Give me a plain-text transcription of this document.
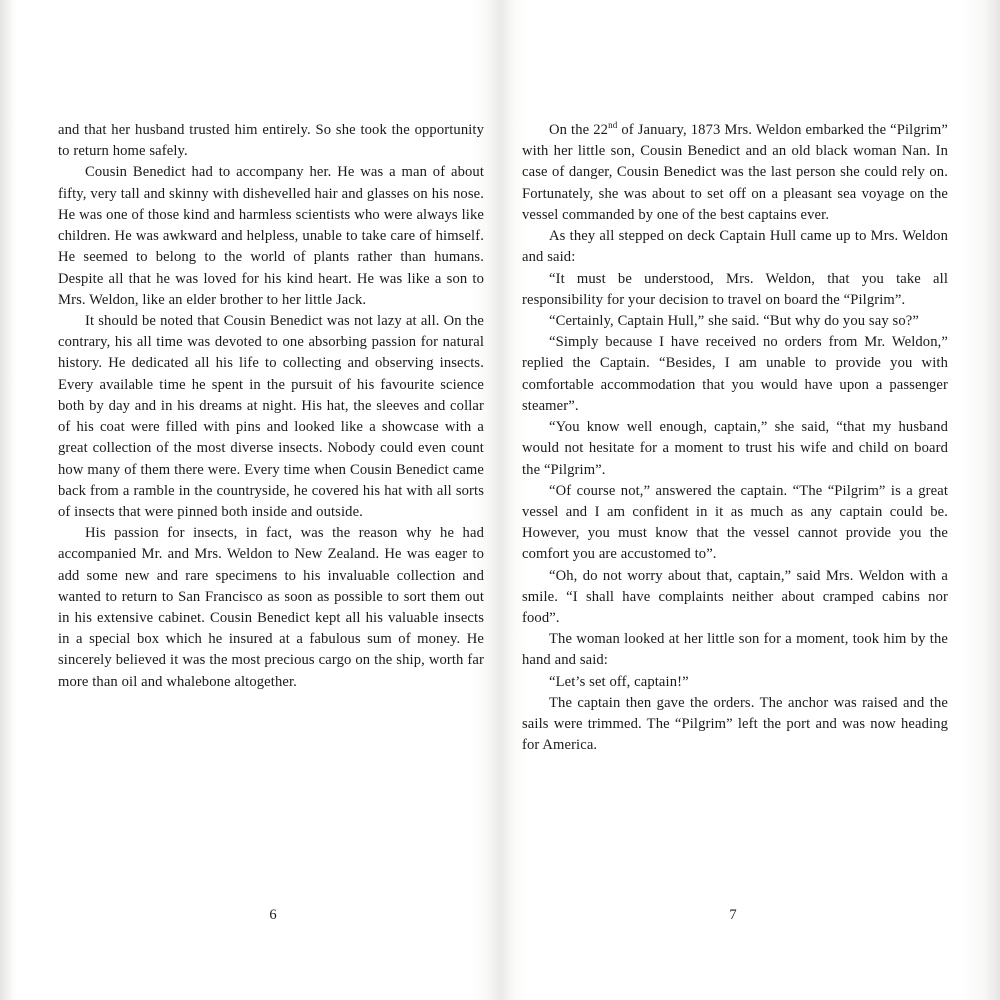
and that her husband trusted him entirely. So she took the opportunity to return home safely.

Cousin Benedict had to accompany her. He was a man of about fifty, very tall and skinny with dishevelled hair and glasses on his nose. He was one of those kind and harmless scientists who were always like children. He was awkward and helpless, unable to take care of himself. He seemed to belong to the world of plants rather than humans. Despite all that he was loved for his kind heart. He was like a son to Mrs. Weldon, like an elder brother to her little Jack.

It should be noted that Cousin Benedict was not lazy at all. On the contrary, his all time was devoted to one absorbing passion for natural history. He dedicated all his life to collecting and observing insects. Every available time he spent in the pursuit of his favourite science both by day and in his dreams at night. His hat, the sleeves and collar of his coat were filled with pins and looked like a showcase with a great collection of the most diverse insects. Nobody could even count how many of them there were. Every time when Cousin Benedict came back from a ramble in the countryside, he covered his hat with all sorts of insects that were pinned both inside and outside.

His passion for insects, in fact, was the reason why he had accompanied Mr. and Mrs. Weldon to New Zealand. He was eager to add some new and rare specimens to his invaluable collection and wanted to return to San Francisco as soon as possible to sort them out in his extensive cabinet. Cousin Benedict kept all his valuable insects in a special box which he insured at a fabulous sum of money. He sincerely believed it was the most precious cargo on the ship, worth far more than oil and whalebone altogether.

6

On the 22nd of January, 1873 Mrs. Weldon embarked the “Pilgrim” with her little son, Cousin Benedict and an old black woman Nan. In case of danger, Cousin Benedict was the last person she could rely on. Fortunately, she was about to set off on a pleasant sea voyage on the vessel commanded by one of the best captains ever.

As they all stepped on deck Captain Hull came up to Mrs. Weldon and said:

“It must be understood, Mrs. Weldon, that you take all responsibility for your decision to travel on board the “Pilgrim”.

“Certainly, Captain Hull,” she said. “But why do you say so?”

“Simply because I have received no orders from Mr. Weldon,” replied the Captain. “Besides, I am unable to provide you with comfortable accommodation that you would have upon a passenger steamer”.

“You know well enough, captain,” she said, “that my husband would not hesitate for a moment to trust his wife and child on board the “Pilgrim”.

“Of course not,” answered the captain. “The “Pilgrim” is a great vessel and I am confident in it as much as any captain could be. However, you must know that the vessel cannot provide you the comfort you are accustomed to”.

“Oh, do not worry about that, captain,” said Mrs. Weldon with a smile. “I shall have complaints neither about cramped cabins nor food”.

The woman looked at her little son for a moment, took him by the hand and said:

“Let’s set off, captain!”

The captain then gave the orders. The anchor was raised and the sails were trimmed. The “Pilgrim” left the port and was now heading for America.

7
